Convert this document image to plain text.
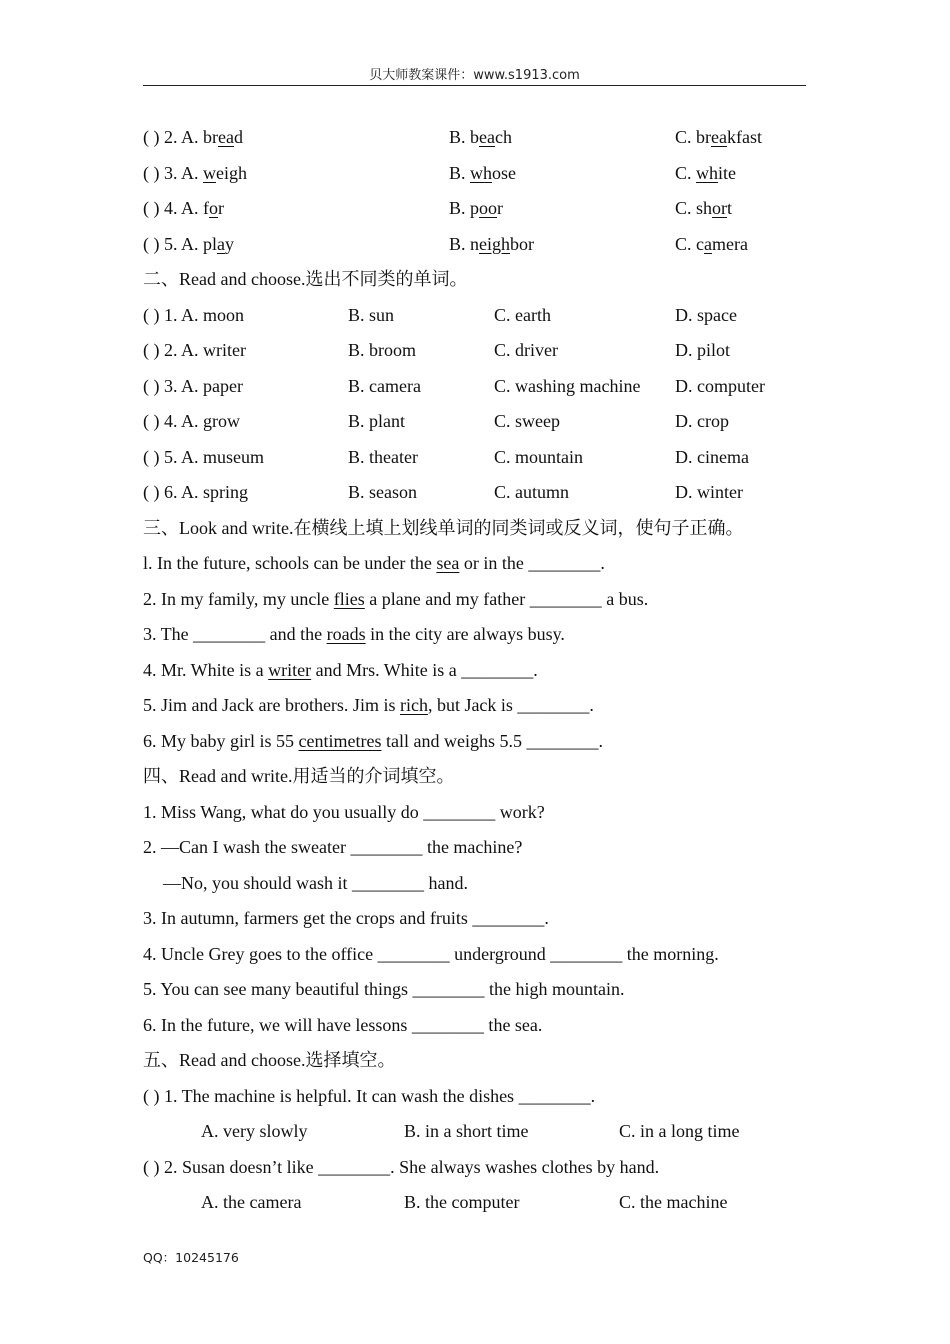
贝大师教案课件：www.s1913.com
( ) 2. A. bread	B. beach	C. breakfast
( ) 3. A. weigh	B. whose	C. white
( ) 4. A. for	B. poor	C. short
( ) 5. A. play	B. neighbor	C. camera
二、Read and choose.选出不同类的单词。
( ) 1. A. moon	B. sun	C. earth	D. space
( ) 2. A. writer	B. broom	C. driver	D. pilot
( ) 3. A. paper	B. camera	C. washing machine D. computer
( ) 4. A. grow	B. plant	C. sweep	D. crop
( ) 5. A. museum	B. theater	C. mountain	D. cinema
( ) 6. A. spring	B. season	C. autumn	D. winter
三、Look and write.在横线上填上划线单词的同类词或反义词，使句子正确。
l. In the future, schools can be under the sea or in the ________.
2. In my family, my uncle flies a plane and my father ________ a bus.
3. The ________ and the roads in the city are always busy.
4. Mr. White is a writer and Mrs. White is a ________.
5. Jim and Jack are brothers. Jim is rich, but Jack is ________.
6. My baby girl is 55 centimetres tall and weighs 5.5 ________.
四、Read and write.用适当的介词填空。
1. Miss Wang, what do you usually do ________ work?
2. —Can I wash the sweater ________ the machine?
—No, you should wash it ________ hand.
3. In autumn, farmers get the crops and fruits ________.
4. Uncle Grey goes to the office ________ underground ________ the morning.
5. You can see many beautiful things ________ the high mountain.
6. In the future, we will have lessons ________ the sea.
五、Read and choose.选择填空。
( ) 1. The machine is helpful. It can wash the dishes ________.
A. very slowly	B. in a short time	C. in a long time
( ) 2. Susan doesn’t like ________. She always washes clothes by hand.
A. the camera	B. the computer	C. the machine
QQ：10245176
